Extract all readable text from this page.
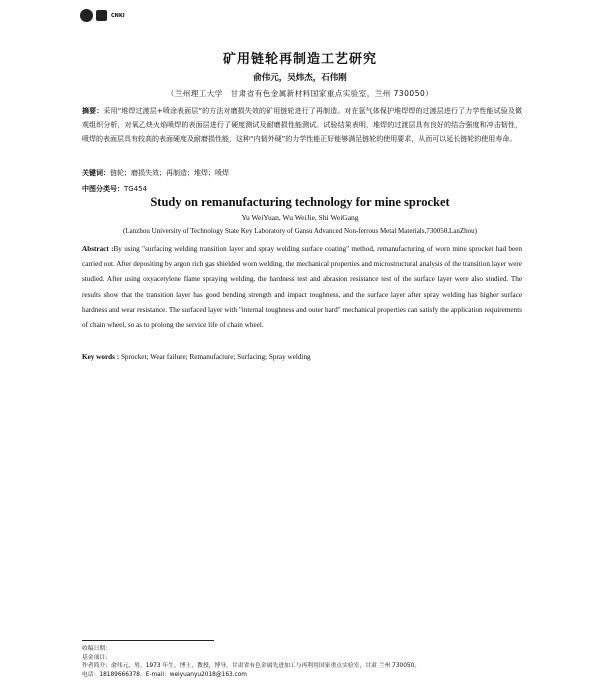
CNKI
矿用链轮再制造工艺研究
俞伟元，吴炜杰，石伟刚
（兰州理工大学　甘肃省有色金属新材料国家重点实验室，兰州 730050）
摘要：采用“堆焊过渡层+喷涂表面层”的方法对磨损失效的矿用链轮进行了再制造。对在氩气体保护堆焊焊的过渡层进行了力学性能试验及微观组织分析，对氧乙炔火焰喷焊的表面层进行了硬度测试及耐磨损性能测试。试验结果表明，堆焊的过渡层具有良好的结合强度和冲击韧性，喷焊的表面层具有较高的表面硬度及耐磨损性能，这种“内韧外硬”的力学性能正好能够满足链轮的使用要求，从而可以延长链轮的使用寿命。
关键词：链轮；磨损失效；再制造；堆焊；喷焊
中图分类号：TG454
Study on remanufacturing technology for mine sprocket
Yu WeiYuan, Wu WeiJie, Shi WeiGang
(Lanzhou University of Technology State Key Laboratory of Gansu Advanced Non-ferrous Metal Materials,730050,LanZhou)
Abstract :By using "surfacing welding transition layer and spray welding surface coating" method, remanufacturing of worn mine sprocket had been carried out. After depositing by argon rich gas shielded worn welding, the mechanical properties and microstructural analysis of the transition layer were studied. After using oxyacetylene flame spraying welding, the hardness test and abrasion resistance test of the surface layer were also studied. The results show that the transition layer has good bending strength and impact toughness, and the surface layer after spray welding has higher surface hardness and wear resistance. The surfaced layer with "internal toughness and outer hard" mechanical properties can satisfy the application requirements of chain wheel, so as to prolong the service life of chain wheel.
Key words : Sprocket; Wear failure; Remanufacture; Surfacing; Spray welding
收稿日期：
基金项目：
作者简介：俞伟元，男，1973 年生，博士，教授，博导，甘肃省有色金属先进加工与再利用国家重点实验室，甘肃 兰州 730050。
电话：18189666378，E-mail：weiyuanyu2018@163.com
